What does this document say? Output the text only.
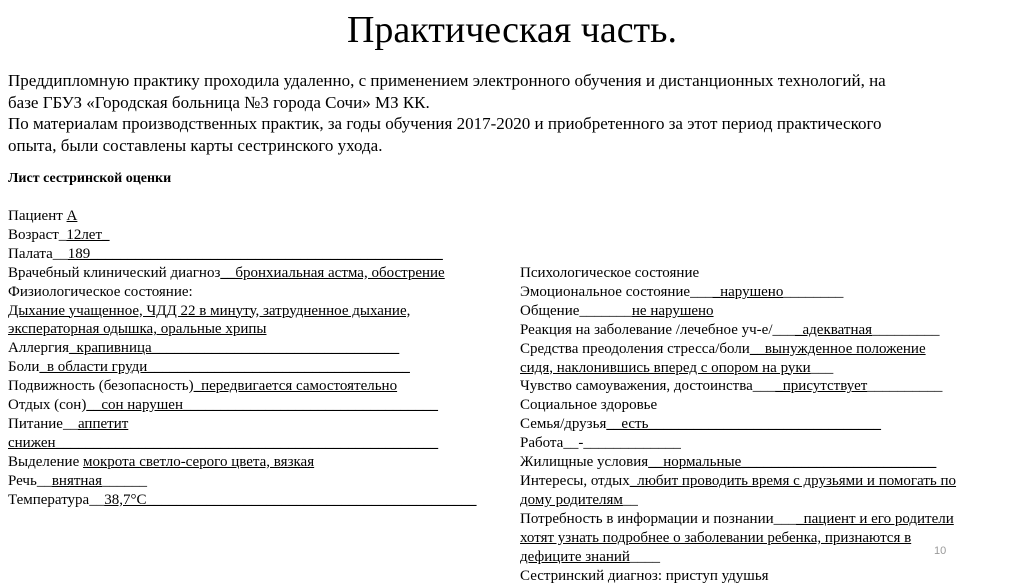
Практическая часть.
Преддипломную практику проходила удаленно, с применением электронного обучения и дистанционных технологий, на
базе ГБУЗ «Городская больница №3 города Сочи» МЗ КК.
По материалам производственных практик, за годы обучения 2017-2020 и приобретенного за этот период практического
опыта, были составлены карты сестринского ухода.
Лист сестринской оценки
Пациент А
Возраст_12лет_
Палата__189_______________________________________________
Врачебный клинический диагноз__бронхиальная астма, обострение
Физиологическое состояние:
Дыхание учащенное, ЧДД 22 в минуту, затрудненное дыхание,
эксператорная одышка, оральные хрипы
Аллергия_крапивница_________________________________
Боли_в области груди___________________________________
Подвижность (безопасность)_передвигается самостоятельно
Отдых (сон)__сон нарушен__________________________________
Питание__аппетит
снижен___________________________________________________
Выделение мокрота светло-серого цвета, вязкая
Речь__внятная______
Температура__38,7°С____________________________________________
Психологическое состояние
Эмоциональное состояние____нарушено________
Общение_______не нарушено
Реакция на заболевание /лечебное уч-е/____адекватная_________
Средства преодоления стресса/боли__вынужденное положение
сидя, наклонившись вперед с опором на руки___
Чувство самоуважения, достоинства____присутствует__________
Социальное здоровье
Семья/друзья__есть_______________________________
Работа__-_____________
Жилищные условия__нормальные__________________________
Интересы, отдых_любит проводить время с друзьями и помогать по
дому родителям__
Потребность в информации и познании____пациент и его родители
хотят узнать подробнее о заболевании ребенка, признаются в
дефиците знаний____
Сестринский диагноз: приступ удушья
10
